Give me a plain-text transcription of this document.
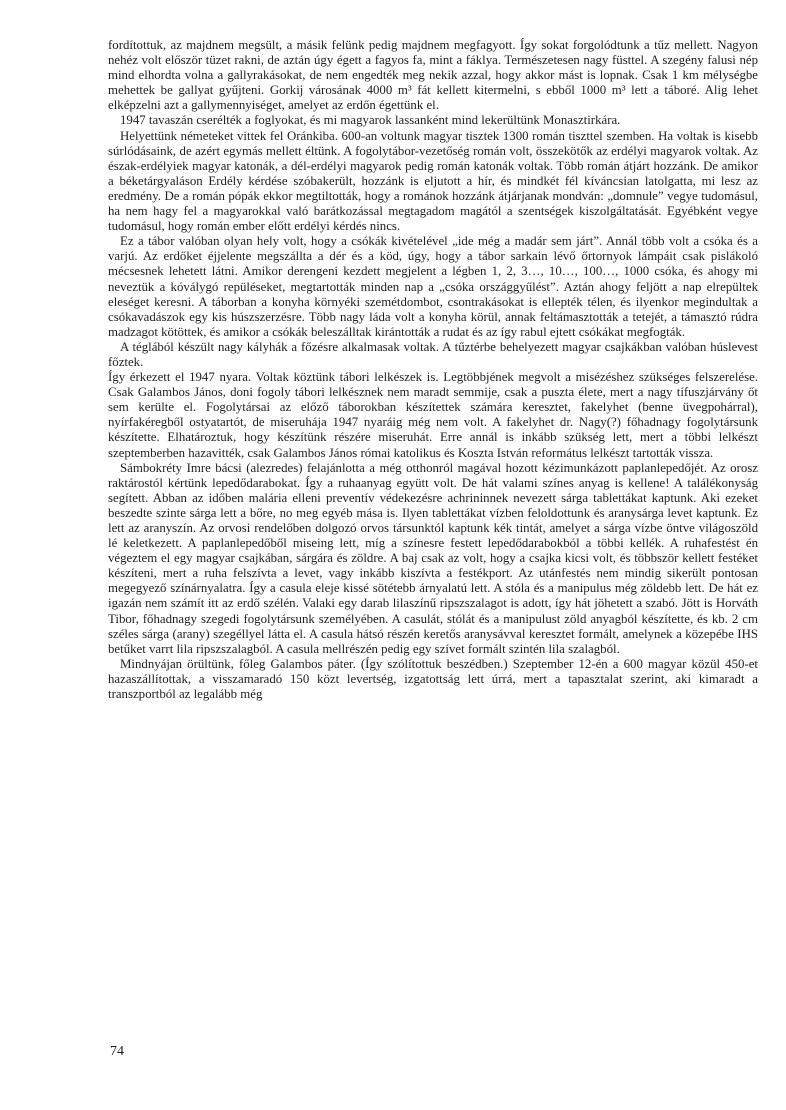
fordítottuk, az majdnem megsült, a másik felünk pedig majdnem megfagyott. Így sokat forgolódtunk a tűz mellett. Nagyon nehéz volt először tüzet rakni, de aztán úgy égett a fagyos fa, mint a fáklya. Természetesen nagy füsttel. A szegény falusi nép mind elhordta volna a gallyrakásokat, de nem engedték meg nekik azzal, hogy akkor mást is lopnak. Csak 1 km mélységbe mehettek be gallyat gyűjteni. Gorkij városának 4000 m³ fát kellett kitermelni, s ebből 1000 m³ lett a táboré. Alig lehet elképzelni azt a gallymennyiséget, amelyet az erdőn égettünk el.

1947 tavaszán cserélték a foglyokat, és mi magyarok lassanként mind lekerültünk Monasztirkára.

Helyettünk németeket vittek fel Oránkiba. 600-an voltunk magyar tisztek 1300 román tiszttel szemben. Ha voltak is kisebb súrlódásaink, de azért egymás mellett éltünk. A fogolytábor-vezetőség román volt, összekötők az erdélyi magyarok voltak. Az észak-erdélyiek magyar katonák, a dél-erdélyi magyarok pedig román katonák voltak. Több román átjárt hozzánk. De amikor a béketárgyaláson Erdély kérdése szóbakerült, hozzánk is eljutott a hír, és mindkét fél kíváncsian latolgatta, mi lesz az eredmény. De a román pópák ekkor megtiltották, hogy a románok hozzánk átjárjanak mondván: „domnule” vegye tudomásul, ha nem hagy fel a magyarokkal való barátkozással megtagadom magától a szentségek kiszolgáltatását. Egyébként vegye tudomásul, hogy román ember előtt erdélyi kérdés nincs.

Ez a tábor valóban olyan hely volt, hogy a csókák kivételével „ide még a madár sem járt”. Annál több volt a csóka és a varjú. Az erdőket éjjelente megszállta a dér és a köd, úgy, hogy a tábor sarkain lévő őrtornyok lámpáit csak pislákoló mécsesnek lehetett látni. Amikor derengeni kezdett megjelent a légben 1, 2, 3…, 10…, 100…, 1000 csóka, és ahogy mi neveztük a kóválygó repüléseket, megtartották minden nap a „csóka országgyűlést”. Aztán ahogy feljött a nap elrepültek eleséget keresni. A táborban a konyha környéki szemétdombot, csontrakásokat is ellepték télen, és ilyenkor megindultak a csókavadászok egy kis húszszerzésre. Több nagy láda volt a konyha körül, annak feltámasztották a tetejét, a támasztó rúdra madzagot kötöttek, és amikor a csókák beleszálltak kirántották a rudat és az így rabul ejtett csókákat megfogták.

A téglából készült nagy kályhák a főzésre alkalmasak voltak. A tűztérbe behelyezett magyar csajkákban valóban húslevest főztek.

Így érkezett el 1947 nyara. Voltak köztünk tábori lelkészek is. Legtöbbjének megvolt a misézéshez szükséges felszerelése. Csak Galambos János, doni fogoly tábori lelkésznek nem maradt semmije, csak a puszta élete, mert a nagy tífuszjárvány őt sem kerülte el. Fogolytársai az előző táborokban készítettek számára keresztet, fakelyhet (benne üvegpohárral), nyírfakéregből ostyatartót, de miseruhája 1947 nyaráig még nem volt. A fakelyhet dr. Nagy(?) főhadnagy fogolytársunk készítette. Elhatároztuk, hogy készítünk részére miseruhát. Erre annál is inkább szükség lett, mert a többi lelkészt szeptemberben hazavitték, csak Galambos János római katolikus és Koszta István református lelkészt tartották vissza.

Sámbokréty Imre bácsi (alezredes) felajánlotta a még otthonról magával hozott kézimunkázott paplanlepedőjét. Az orosz raktárostól kértünk lepedődarabokat. Így a ruhaanyag együtt volt. De hát valami színes anyag is kellene! A találékonyság segített. Abban az időben malária elleni preventív védekezésre achrininnek nevezett sárga tablettákat kaptunk. Aki ezeket beszedte szinte sárga lett a bőre, no meg egyéb mása is. Ilyen tablettákat vízben feloldottunk és aranysárga levet kaptunk. Ez lett az aranyszín. Az orvosi rendelőben dolgozó orvos társunktól kaptunk kék tintát, amelyet a sárga vízbe öntve világoszöld lé keletkezett. A paplanlepedőből miseing lett, míg a színesre festett lepedődarabokból a többi kellék. A ruhafestést én végeztem el egy magyar csajkában, sárgára és zöldre. A baj csak az volt, hogy a csajka kicsi volt, és többször kellett festéket készíteni, mert a ruha felszívta a levet, vagy inkább kiszívta a festékport. Az utánfestés nem mindig sikerült pontosan megegyező színárnyalatra. Így a casula eleje kissé sötétebb árnyalatú lett. A stóla és a manipulus még zöldebb lett. De hát ez igazán nem számít itt az erdő szélén. Valaki egy darab lilaszínű ripszszalagot is adott, így hát jöhetett a szabó. Jött is Horváth Tibor, főhadnagy szegedi fogolytársunk személyében. A casulát, stólát és a manipulust zöld anyagból készítette, és kb. 2 cm széles sárga (arany) szegéllyel látta el. A casula hátsó részén keretős aranysávval keresztet formált, amelynek a közepébe IHS betűket varrt lila ripszszalagból. A casula mellrészén pedig egy szívet formált szintén lila szalagból.

Mindnyájan örültünk, főleg Galambos páter. (Így szólítottuk beszédben.) Szeptember 12-én a 600 magyar közül 450-et hazaszállítottak, a visszamaradó 150 közt levertség, izgatottság lett úrrá, mert a tapasztalat szerint, aki kimaradt a transzportból az legalább még

74
